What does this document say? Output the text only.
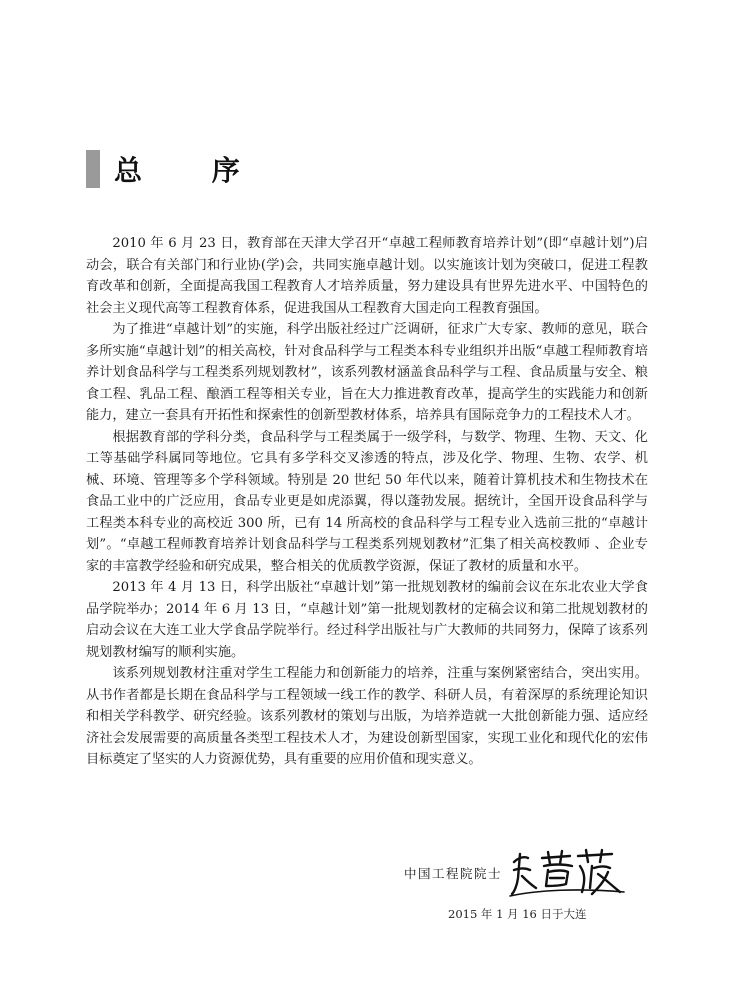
总 序

2010 年 6 月 23 日，教育部在天津大学召开“卓越工程师教育培养计划”(即“卓越计划”)启动会，联合有关部门和行业协(学)会，共同实施卓越计划。以实施该计划为突破口，促进工程教育改革和创新，全面提高我国工程教育人才培养质量，努力建设具有世界先进水平、中国特色的社会主义现代高等工程教育体系，促进我国从工程教育大国走向工程教育强国。

为了推进“卓越计划”的实施，科学出版社经过广泛调研，征求广大专家、教师的意见，联合多所实施“卓越计划”的相关高校，针对食品科学与工程类本科专业组织并出版“卓越工程师教育培养计划食品科学与工程类系列规划教材”，该系列教材涵盖食品科学与工程、食品质量与安全、粮食工程、乳品工程、酿酒工程等相关专业，旨在大力推进教育改革，提高学生的实践能力和创新能力，建立一套具有开拓性和探索性的创新型教材体系，培养具有国际竞争力的工程技术人才。

根据教育部的学科分类，食品科学与工程类属于一级学科，与数学、物理、生物、天文、化工等基础学科属同等地位。它具有多学科交叉渗透的特点，涉及化学、物理、生物、农学、机械、环境、管理等多个学科领域。特别是 20 世纪 50 年代以来，随着计算机技术和生物技术在食品工业中的广泛应用，食品专业更是如虎添翼，得以蓬勃发展。据统计，全国开设食品科学与工程类本科专业的高校近 300 所，已有 14 所高校的食品科学与工程专业入选前三批的“卓越计划”。“卓越工程师教育培养计划食品科学与工程类系列规划教材”汇集了相关高校教师 、企业专家的丰富教学经验和研究成果，整合相关的优质教学资源，保证了教材的质量和水平。

2013 年 4 月 13 日，科学出版社“卓越计划”第一批规划教材的编前会议在东北农业大学食品学院举办；2014 年 6 月 13 日，“卓越计划”第一批规划教材的定稿会议和第二批规划教材的启动会议在大连工业大学食品学院举行。经过科学出版社与广大教师的共同努力，保障了该系列规划教材编写的顺利实施。

该系列规划教材注重对学生工程能力和创新能力的培养，注重与案例紧密结合，突出实用。从书作者都是长期在食品科学与工程领域一线工作的教学、科研人员，有着深厚的系统理论知识和相关学科教学、研究经验。该系列教材的策划与出版，为培养造就一大批创新能力强、适应经济社会发展需要的高质量各类型工程技术人才，为建设创新型国家，实现工业化和现代化的宏伟目标奠定了坚实的人力资源优势，具有重要的应用价值和现实意义。

中国工程院院士
2015 年 1 月 16 日于大连
